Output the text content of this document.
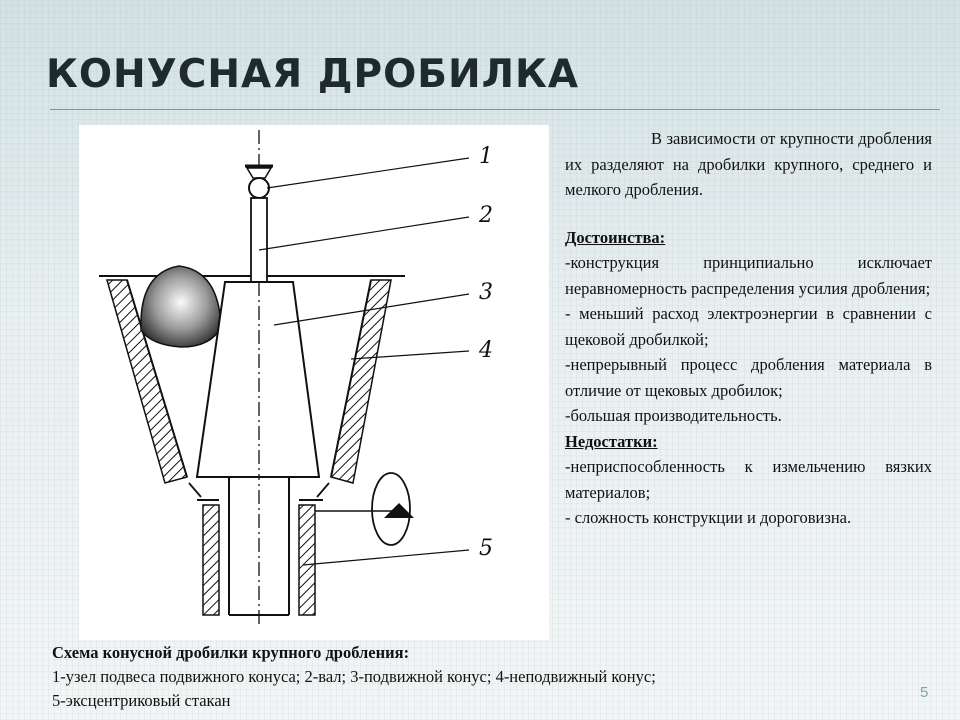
КОНУСНАЯ ДРОБИЛКА
1
2
3
4
5

В зависимости от крупности дробления их разделяют на дробилки крупного, среднего и мелкого дробления.

Достоинства:

-конструкция принципиально исключает неравномерность распределения усилия дробления;

- меньший расход электроэнергии в сравнении с щековой дробилкой;

-непрерывный процесс дробления материала в отличие от щековых дробилок;

-большая производительность.

Недостатки:

-неприспособленность к измельчению вязких материалов;

- сложность конструкции и дороговизна.

Схема конусной дробилки крупного дробления:

1-узел подвеса подвижного конуса; 2-вал; 3-подвижной конус; 4-неподвижный конус;

5-эксцентриковый стакан	5
